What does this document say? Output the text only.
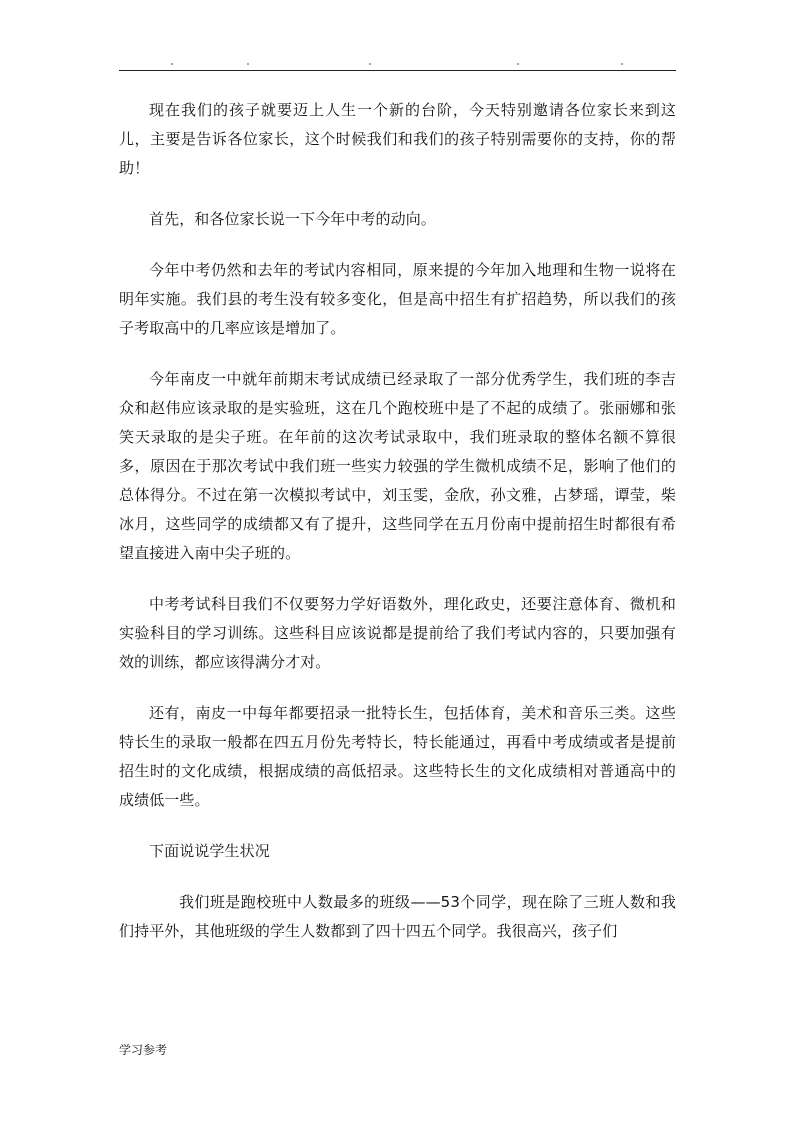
现在我们的孩子就要迈上人生一个新的台阶，今天特别邀请各位家长来到这儿，主要是告诉各位家长，这个时候我们和我们的孩子特别需要你的支持，你的帮助！

首先，和各位家长说一下今年中考的动向。

今年中考仍然和去年的考试内容相同，原来提的今年加入地理和生物一说将在明年实施。我们县的考生没有较多变化，但是高中招生有扩招趋势，所以我们的孩子考取高中的几率应该是增加了。

今年南皮一中就年前期末考试成绩已经录取了一部分优秀学生，我们班的李吉众和赵伟应该录取的是实验班，这在几个跑校班中是了不起的成绩了。张丽娜和张笑天录取的是尖子班。在年前的这次考试录取中，我们班录取的整体名额不算很多，原因在于那次考试中我们班一些实力较强的学生微机成绩不足，影响了他们的总体得分。不过在第一次模拟考试中，刘玉雯，金欣，孙文雅，占梦瑶，谭莹，柴冰月，这些同学的成绩都又有了提升，这些同学在五月份南中提前招生时都很有希望直接进入南中尖子班的。

中考考试科目我们不仅要努力学好语数外，理化政史，还要注意体育、微机和实验科目的学习训练。这些科目应该说都是提前给了我们考试内容的，只要加强有效的训练，都应该得满分才对。

还有，南皮一中每年都要招录一批特长生，包括体育，美术和音乐三类。这些特长生的录取一般都在四五月份先考特长，特长能通过，再看中考成绩或者是提前招生时的文化成绩，根据成绩的高低招录。这些特长生的文化成绩相对普通高中的成绩低一些。

下面说说学生状况

我们班是跑校班中人数最多的班级——53个同学，现在除了三班人数和我们持平外，其他班级的学生人数都到了四十四五个同学。我很高兴，孩子们

学习参考
